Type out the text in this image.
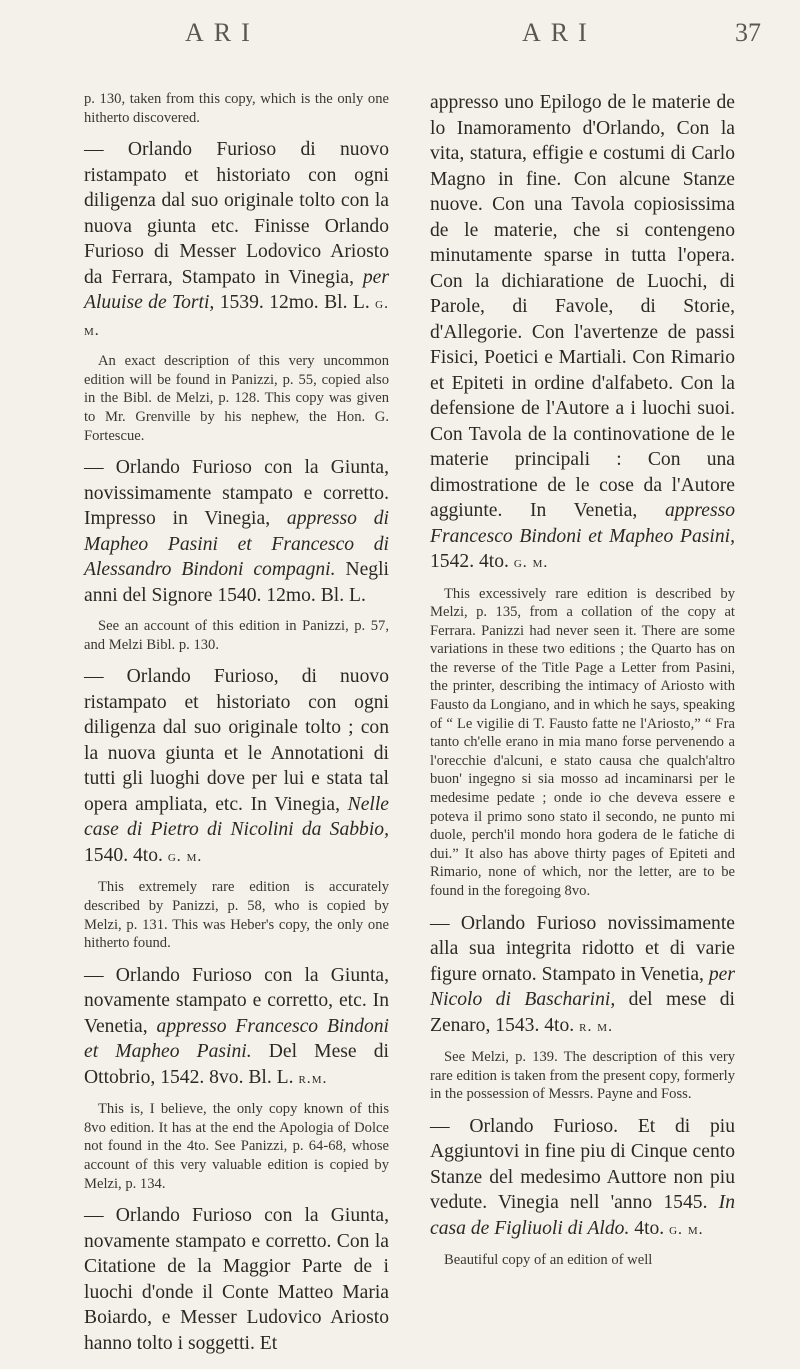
ARI	ARI	37

p. 130, taken from this copy, which is the only one hitherto discovered.

— Orlando Furioso di nuovo ristampato et historiato con ogni diligenza dal suo originale tolto con la nuova giunta etc. Finisse Orlando Furioso di Messer Lodovico Ariosto da Ferrara, Stampato in Vinegia, per Aluuise de Torti, 1539. 12mo. Bl. L. g. m.

An exact description of this very uncommon edition will be found in Panizzi, p. 55, copied also in the Bibl. de Melzi, p. 128. This copy was given to Mr. Grenville by his nephew, the Hon. G. Fortescue.

— Orlando Furioso con la Giunta, novissimamente stampato e corretto. Impresso in Vinegia, appresso di Mapheo Pasini et Francesco di Alessandro Bindoni compagni. Negli anni del Signore 1540. 12mo. Bl. L.

See an account of this edition in Panizzi, p. 57, and Melzi Bibl. p. 130.

— Orlando Furioso, di nuovo ristampato et historiato con ogni diligenza dal suo originale tolto ; con la nuova giunta et le Annotationi di tutti gli luoghi dove per lui e stata tal opera ampliata, etc. In Vinegia, Nelle case di Pietro di Nicolini da Sabbio, 1540. 4to. g. m.

This extremely rare edition is accurately described by Panizzi, p. 58, who is copied by Melzi, p. 131. This was Heber's copy, the only one hitherto found.

— Orlando Furioso con la Giunta, novamente stampato e corretto, etc. In Venetia, appresso Francesco Bindoni et Mapheo Pasini. Del Mese di Ottobrio, 1542. 8vo. Bl. L. r.m.

This is, I believe, the only copy known of this 8vo edition. It has at the end the Apologia of Dolce not found in the 4to. See Panizzi, p. 64-68, whose account of this very valuable edition is copied by Melzi, p. 134.

— Orlando Furioso con la Giunta, novamente stampato e corretto. Con la Citatione de la Maggior Parte de i luochi d'onde il Conte Matteo Maria Boiardo, e Messer Ludovico Ariosto hanno tolto i soggetti. Et

appresso uno Epilogo de le materie de lo Inamoramento d'Orlando, Con la vita, statura, effigie e costumi di Carlo Magno in fine. Con alcune Stanze nuove. Con una Tavola copiosissima de le materie, che si contengeno minutamente sparse in tutta l'opera. Con la dichiaratione de Luochi, di Parole, di Favole, di Storie, d'Allegorie. Con l'avertenze de passi Fisici, Poetici e Martiali. Con Rimario et Epiteti in ordine d'alfabeto. Con la defensione de l'Autore a i luochi suoi. Con Tavola de la continovatione de le materie principali : Con una dimostratione de le cose da l'Autore aggiunte. In Venetia, appresso Francesco Bindoni et Mapheo Pasini, 1542. 4to. g. m.

This excessively rare edition is described by Melzi, p. 135, from a collation of the copy at Ferrara. Panizzi had never seen it. There are some variations in these two editions ; the Quarto has on the reverse of the Title Page a Letter from Pasini, the printer, describing the intimacy of Ariosto with Fausto da Longiano, and in which he says, speaking of “ Le vigilie di T. Fausto fatte ne l'Ariosto,” “ Fra tanto ch'elle erano in mia mano forse pervenendo a l'orecchie d'alcuni, e stato causa che qualch'altro buon' ingegno si sia mosso ad incaminarsi per le medesime pedate ; onde io che deveva essere e poteva il primo sono stato il secondo, ne punto mi duole, perch'il mondo hora godera de le fatiche di dui.” It also has above thirty pages of Epiteti and Rimario, none of which, nor the letter, are to be found in the foregoing 8vo.

— Orlando Furioso novissimamente alla sua integrita ridotto et di varie figure ornato. Stampato in Venetia, per Nicolo di Bascharini, del mese di Zenaro, 1543. 4to. r. m.

See Melzi, p. 139. The description of this very rare edition is taken from the present copy, formerly in the possession of Messrs. Payne and Foss.

— Orlando Furioso. Et di piu Aggiuntovi in fine piu di Cinque cento Stanze del medesimo Auttore non piu vedute. Vinegia nell 'anno 1545. In casa de Figliuoli di Aldo. 4to. g. m.

Beautiful copy of an edition of well
